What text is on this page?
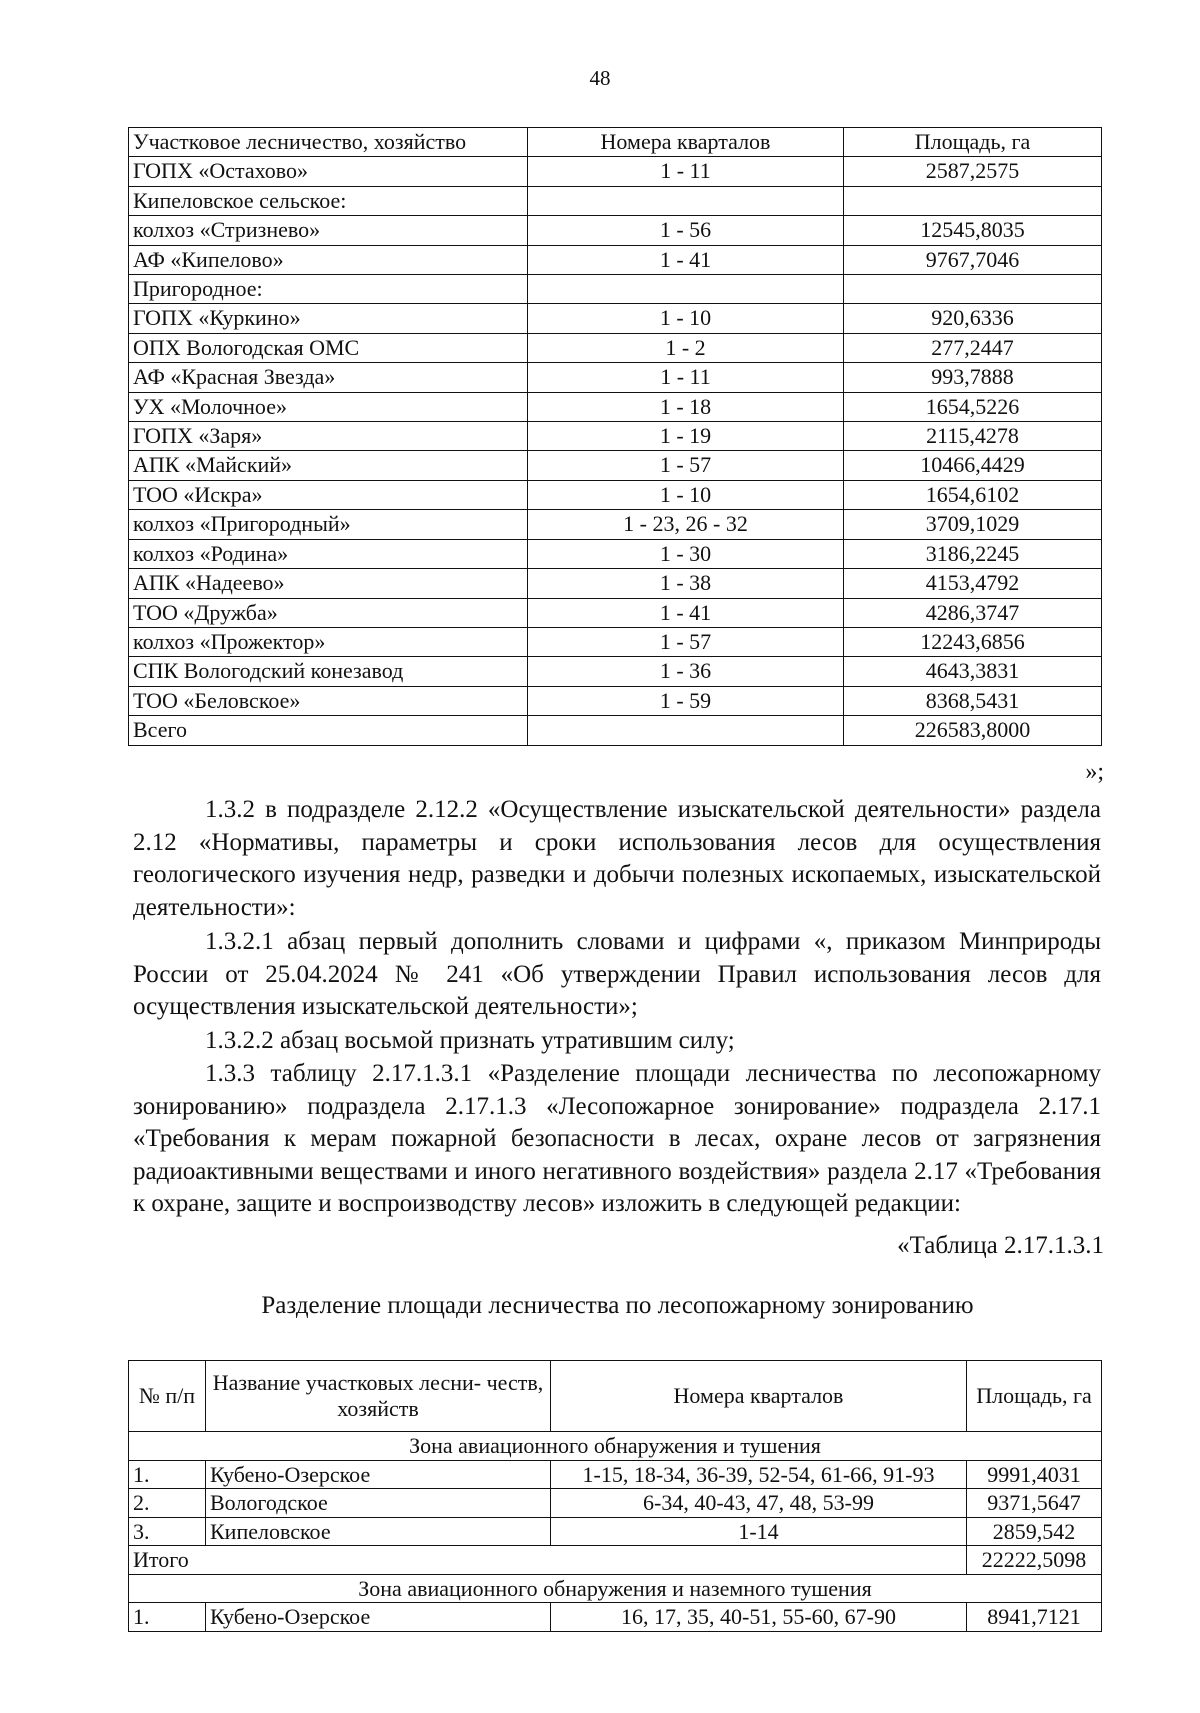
48
Участковое лесничество, хозяйство	Номера кварталов	Площадь, га
ГОПХ «Остахово»	1 - 11	2587,2575
Кипеловское сельское:		
колхоз «Стризнево»	1 - 56	12545,8035
АФ «Кипелово»	1 - 41	9767,7046
Пригородное:		
ГОПХ «Куркино»	1 - 10	920,6336
ОПХ Вологодская ОМС	1 - 2	277,2447
АФ «Красная Звезда»	1 - 11	993,7888
УХ «Молочное»	1 - 18	1654,5226
ГОПХ «Заря»	1 - 19	2115,4278
АПК «Майский»	1 - 57	10466,4429
ТОО «Искра»	1 - 10	1654,6102
колхоз «Пригородный»	1 - 23, 26 - 32	3709,1029
колхоз «Родина»	1 - 30	3186,2245
АПК «Надеево»	1 - 38	4153,4792
ТОО «Дружба»	1 - 41	4286,3747
колхоз «Прожектор»	1 - 57	12243,6856
СПК Вологодский конезавод	1 - 36	4643,3831
ТОО «Беловское»	1 - 59	8368,5431
Всего		226583,8000
»;
1.3.2 в подразделе 2.12.2 «Осуществление изыскательской деятельности» раздела 2.12 «Нормативы, параметры и сроки использования лесов для осуществления геологического изучения недр, разведки и добычи полезных ископаемых, изыскательской деятельности»:
1.3.2.1 абзац первый дополнить словами и цифрами «, приказом Минприроды России от 25.04.2024 № 241 «Об утверждении Правил использования лесов для осуществления изыскательской деятельности»;
1.3.2.2 абзац восьмой признать утратившим силу;
1.3.3 таблицу 2.17.1.3.1 «Разделение площади лесничества по лесопожарному зонированию» подраздела 2.17.1.3 «Лесопожарное зонирование» подраздела 2.17.1 «Требования к мерам пожарной безопасности в лесах, охране лесов от загрязнения радиоактивными веществами и иного негативного воздействия» раздела 2.17 «Требования к охране, защите и воспроизводству лесов» изложить в следующей редакции:
«Таблица 2.17.1.3.1
Разделение площади лесничества по лесопожарному зонированию
№ п/п	Название участковых лесни- честв, хозяйств	Номера кварталов	Площадь, га
Зона авиационного обнаружения и тушения			
1.	Кубено-Озерское	1-15, 18-34, 36-39, 52-54, 61-66, 91-93	9991,4031
2.	Вологодское	6-34, 40-43, 47, 48, 53-99	9371,5647
3.	Кипеловское	1-14	2859,542
Итого			22222,5098
Зона авиационного обнаружения и наземного тушения			
1.	Кубено-Озерское	16, 17, 35, 40-51, 55-60, 67-90	8941,7121
